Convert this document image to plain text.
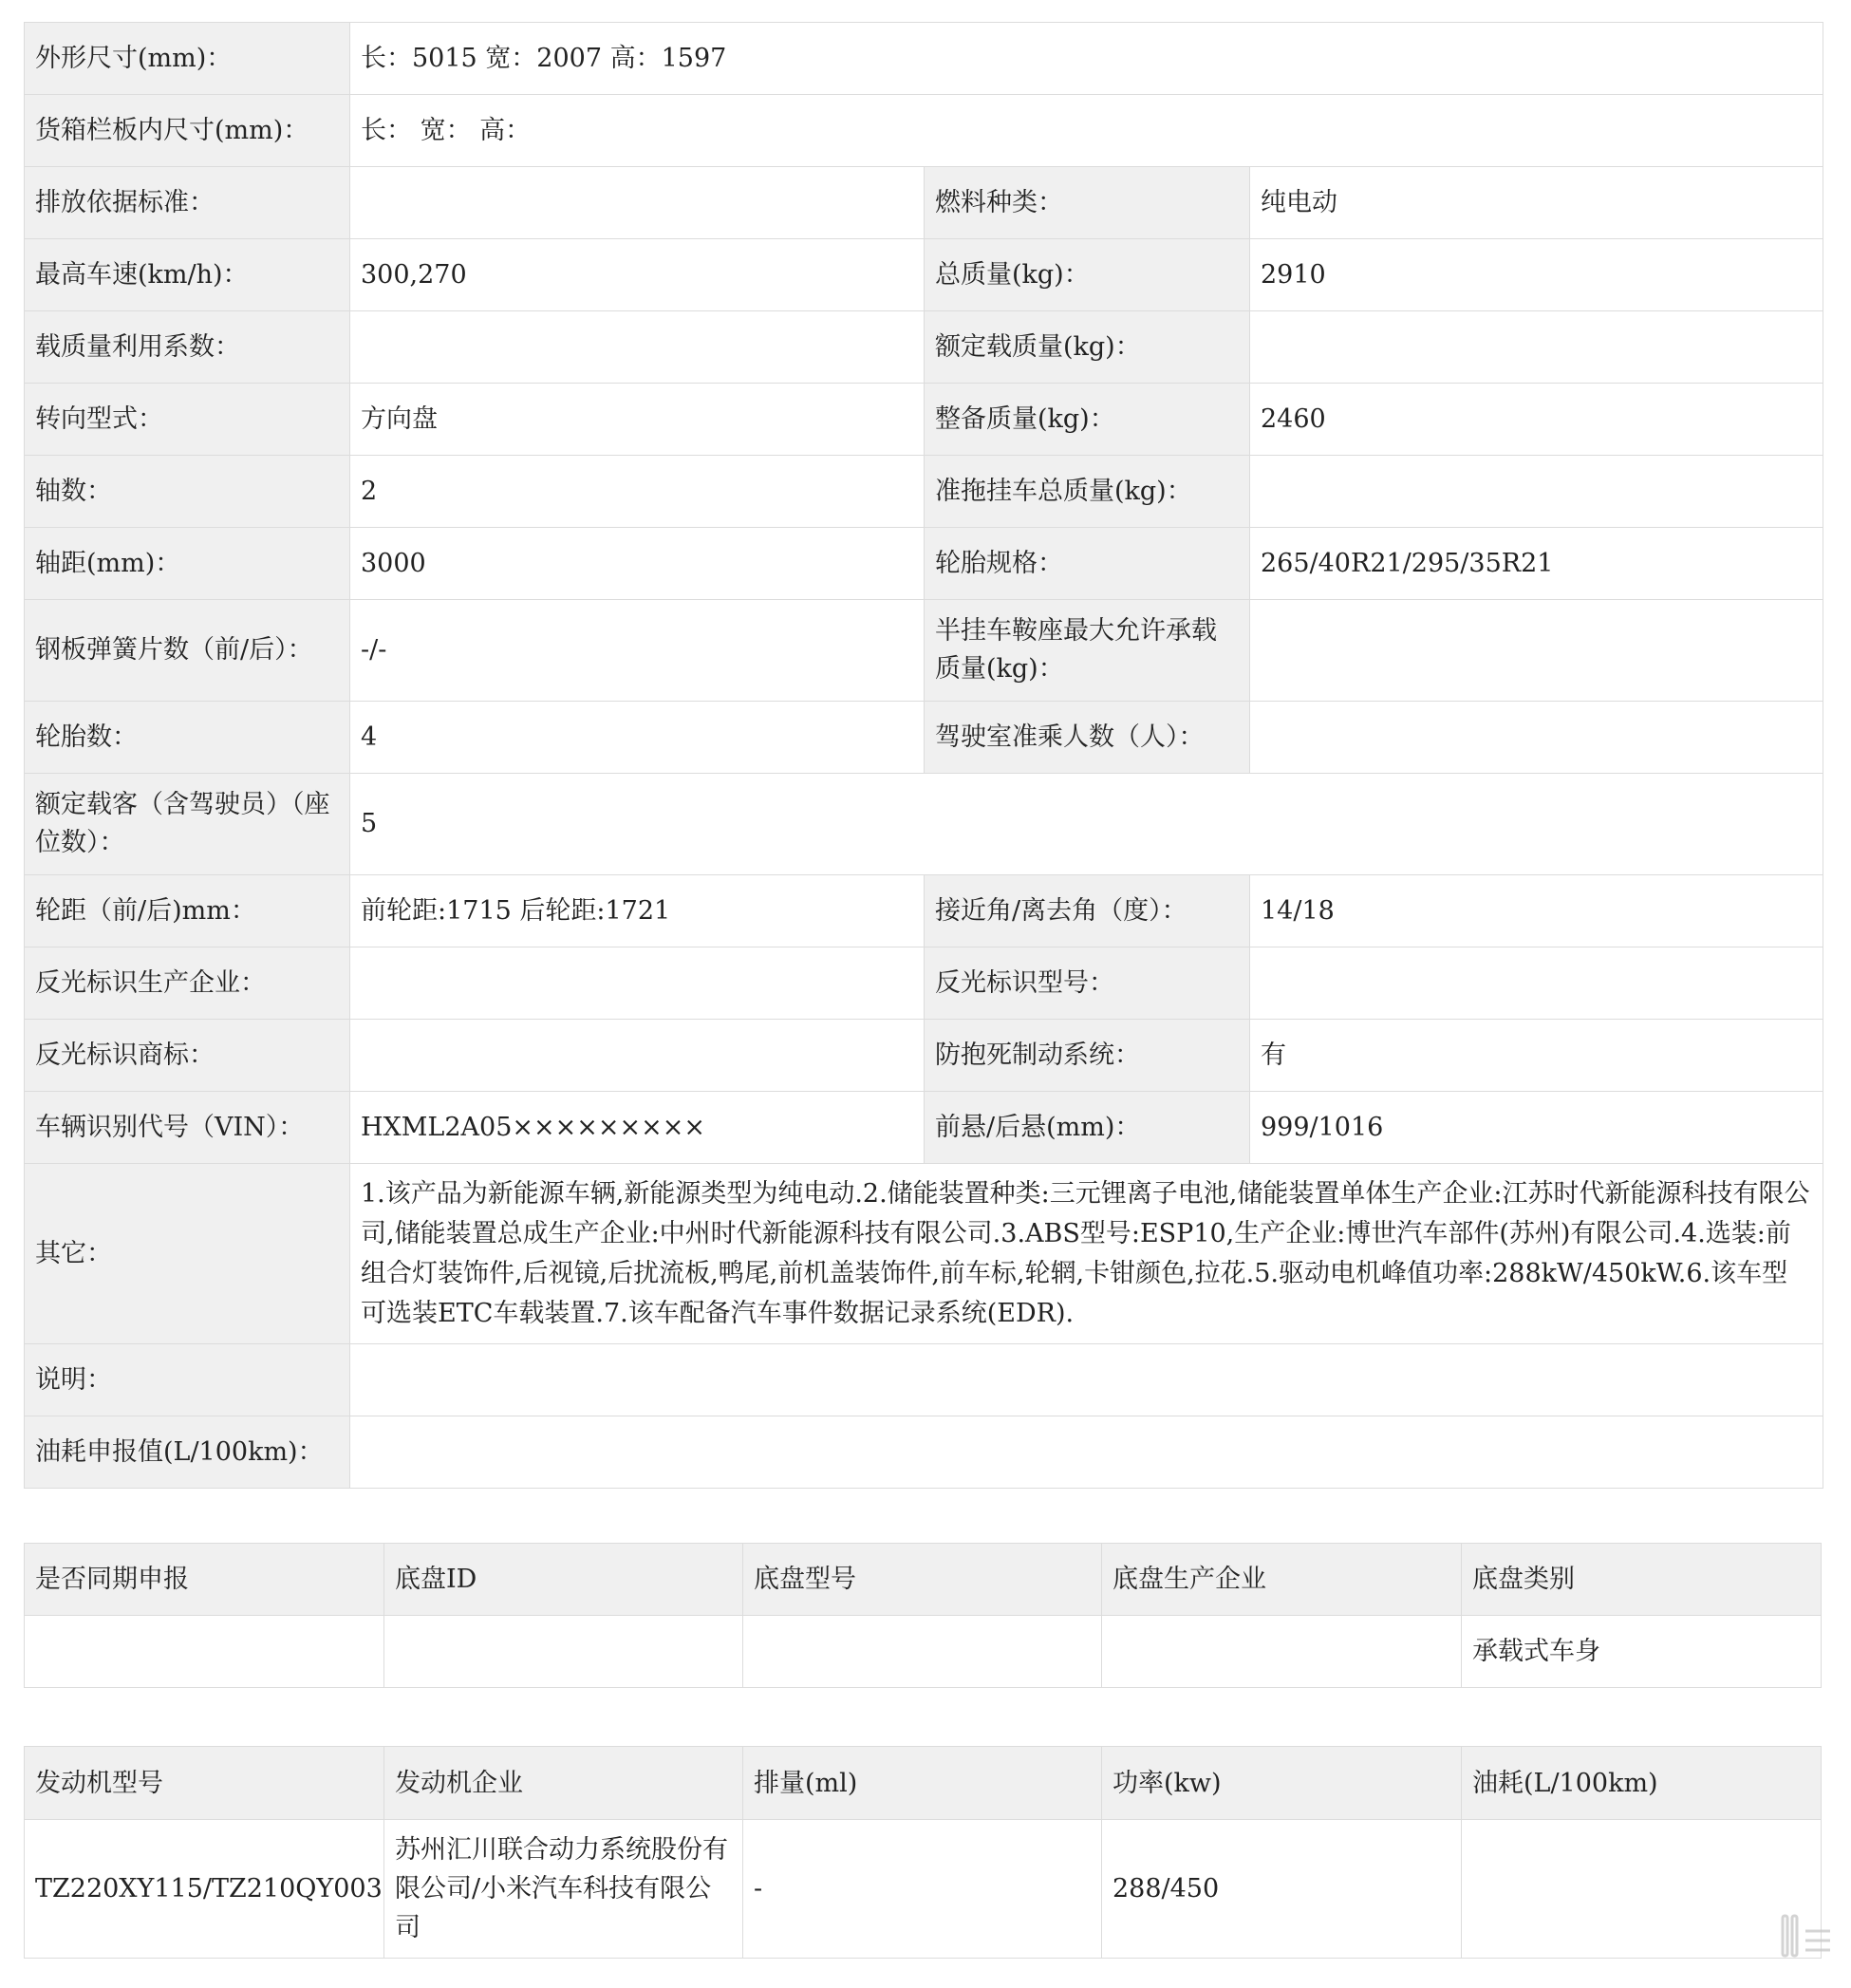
外形尺寸(mm)：	长：5015 宽：2007 高：1597		
货箱栏板内尺寸(mm)：	长： 宽： 高：		
排放依据标准：		燃料种类：	纯电动
最高车速(km/h)：	300,270	总质量(kg)：	2910
载质量利用系数：		额定载质量(kg)：	
转向型式：	方向盘	整备质量(kg)：	2460
轴数：	2	准拖挂车总质量(kg)：	
轴距(mm)：	3000	轮胎规格：	265/40R21/295/35R21
钢板弹簧片数（前/后）：	-/-	半挂车鞍座最大允许承载质量(kg)：	
轮胎数：	4	驾驶室准乘人数（人）：	
额定载客（含驾驶员）（座位数）：	5		
轮距（前/后)mm：	前轮距:1715 后轮距:1721	接近角/离去角（度）：	14/18
反光标识生产企业：		反光标识型号：	
反光标识商标：		防抱死制动系统：	有
车辆识别代号（VIN）：	HXML2A05×××××××××	前悬/后悬(mm)：	999/1016
其它：	1.该产品为新能源车辆,新能源类型为纯电动.2.储能装置种类:三元锂离子电池,储能装置单体生产企业:江苏时代新能源科技有限公司,储能装置总成生产企业:中州时代新能源科技有限公司.3.ABS型号:ESP10,生产企业:博世汽车部件(苏州)有限公司.4.选装:前组合灯装饰件,后视镜,后扰流板,鸭尾,前机盖装饰件,前车标,轮辋,卡钳颜色,拉花.5.驱动电机峰值功率:288kW/450kW.6.该车型可选装ETC车载装置.7.该车配备汽车事件数据记录系统(EDR).		
说明：			
油耗申报值(L/100km)：			
是否同期申报	底盘ID	底盘型号	底盘生产企业	底盘类别
				承载式车身
发动机型号	发动机企业	排量(ml)	功率(kw)	油耗(L/100km)
TZ220XY115/TZ210QY003	苏州汇川联合动力系统股份有限公司/小米汽车科技有限公司	-	288/450	
